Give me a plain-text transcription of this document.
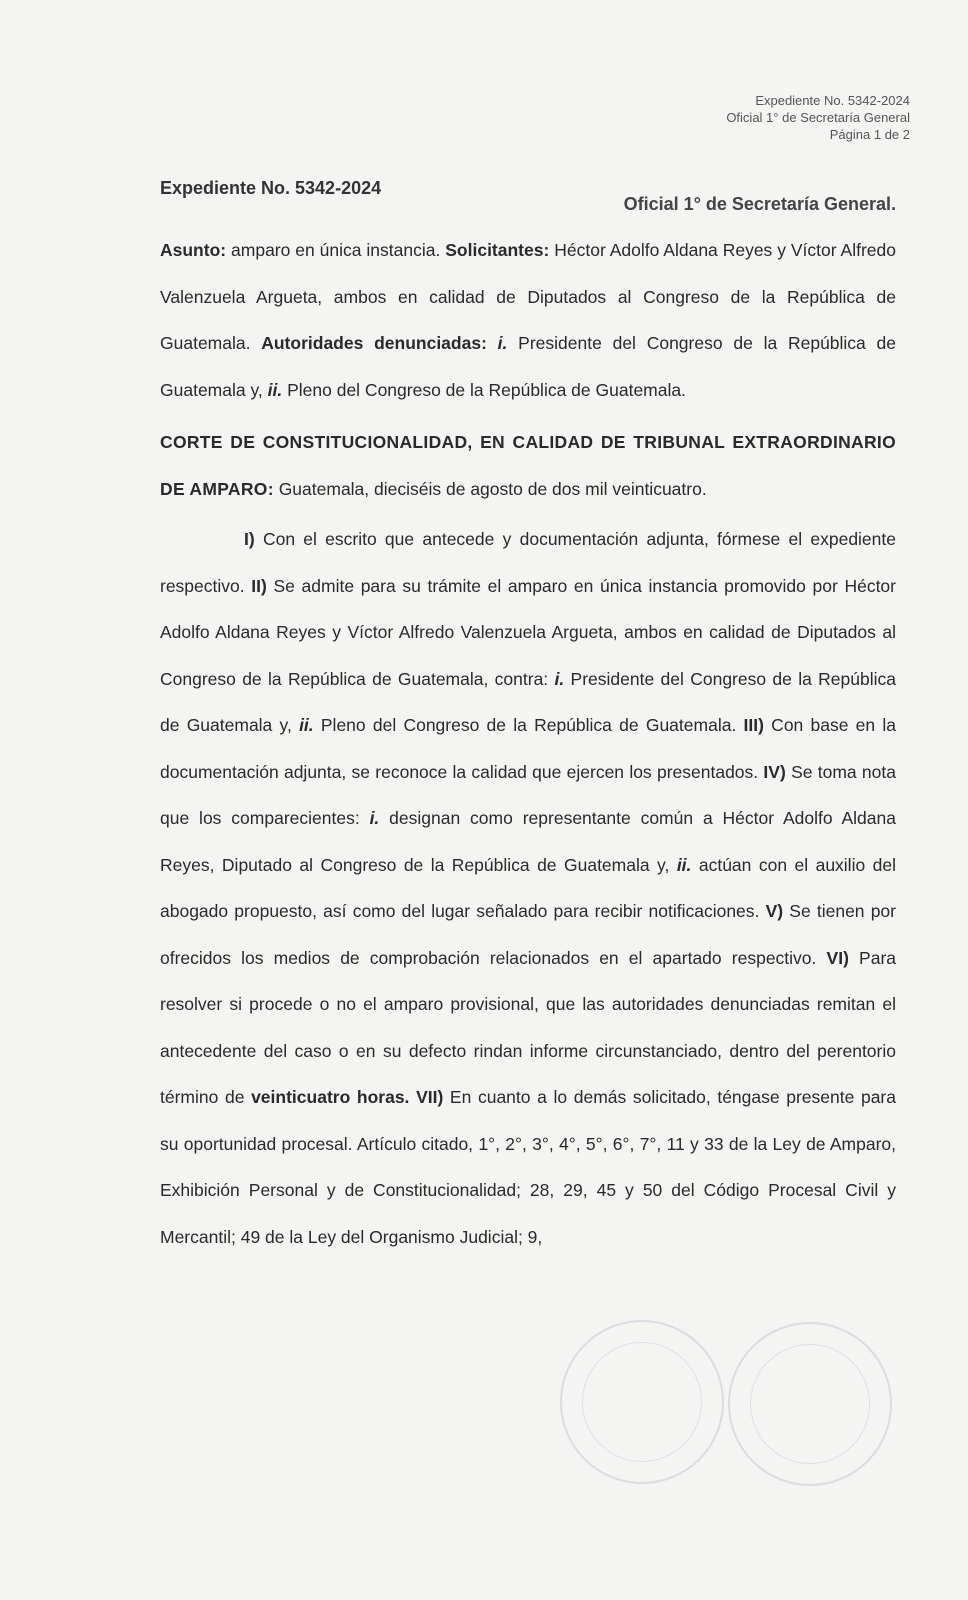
Expediente No. 5342-2024
Oficial 1° de Secretaría General
Página 1 de 2
Expediente No. 5342-2024
Oficial 1° de Secretaría General.

Asunto: amparo en única instancia. Solicitantes: Héctor Adolfo Aldana Reyes y Víctor Alfredo Valenzuela Argueta, ambos en calidad de Diputados al Congreso de la República de Guatemala. Autoridades denunciadas: i. Presidente del Congreso de la República de Guatemala y, ii. Pleno del Congreso de la República de Guatemala.

CORTE DE CONSTITUCIONALIDAD, EN CALIDAD DE TRIBUNAL EXTRAORDINARIO DE AMPARO: Guatemala, dieciséis de agosto de dos mil veinticuatro.

I) Con el escrito que antecede y documentación adjunta, fórmese el expediente respectivo. II) Se admite para su trámite el amparo en única instancia promovido por Héctor Adolfo Aldana Reyes y Víctor Alfredo Valenzuela Argueta, ambos en calidad de Diputados al Congreso de la República de Guatemala, contra: i. Presidente del Congreso de la República de Guatemala y, ii. Pleno del Congreso de la República de Guatemala. III) Con base en la documentación adjunta, se reconoce la calidad que ejercen los presentados. IV) Se toma nota que los comparecientes: i. designan como representante común a Héctor Adolfo Aldana Reyes, Diputado al Congreso de la República de Guatemala y, ii. actúan con el auxilio del abogado propuesto, así como del lugar señalado para recibir notificaciones. V) Se tienen por ofrecidos los medios de comprobación relacionados en el apartado respectivo. VI) Para resolver si procede o no el amparo provisional, que las autoridades denunciadas remitan el antecedente del caso o en su defecto rindan informe circunstanciado, dentro del perentorio término de veinticuatro horas. VII) En cuanto a lo demás solicitado, téngase presente para su oportunidad procesal. Artículo citado, 1°, 2°, 3°, 4°, 5°, 6°, 7°, 11 y 33 de la Ley de Amparo, Exhibición Personal y de Constitucionalidad; 28, 29, 45 y 50 del Código Procesal Civil y Mercantil; 49 de la Ley del Organismo Judicial; 9,
